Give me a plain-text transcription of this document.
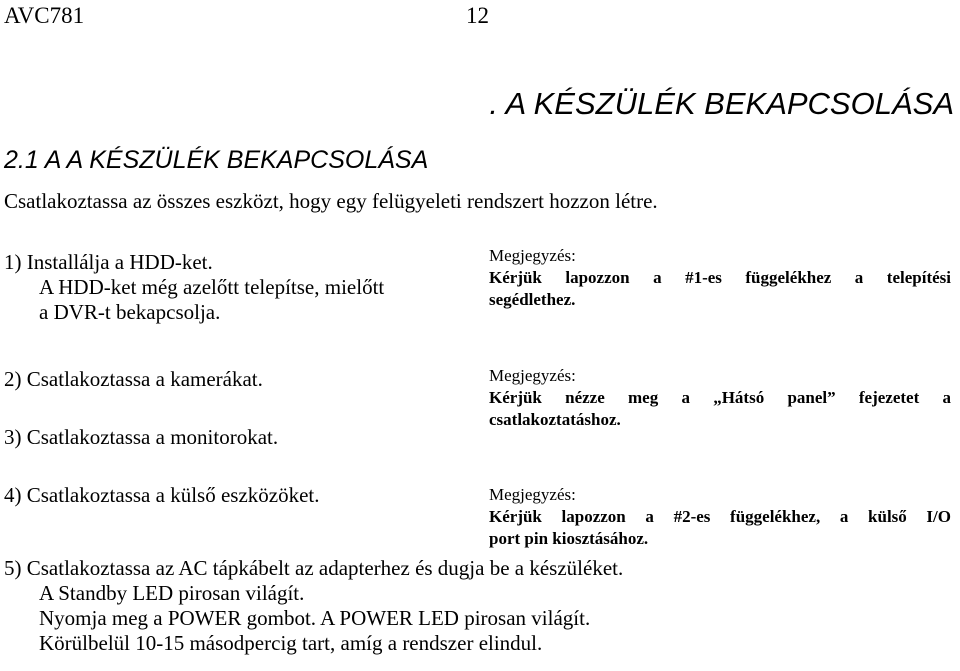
AVC781	12
. A KÉSZÜLÉK BEKAPCSOLÁSA
2.1 A A KÉSZÜLÉK BEKAPCSOLÁSA
Csatlakoztassa az összes eszközt, hogy egy felügyeleti rendszert hozzon létre.
1) Installálja a HDD-ket.
A HDD-ket még azelőtt telepítse, mielőtt
a DVR-t bekapcsolja.
2) Csatlakoztassa a kamerákat.
3) Csatlakoztassa a monitorokat.
4) Csatlakoztassa a külső eszközöket.
5) Csatlakoztassa az AC tápkábelt az adapterhez és dugja be a készüléket.
A Standby LED pirosan világít.
Nyomja meg a POWER gombot. A POWER LED pirosan világít.
Körülbelül 10-15 másodpercig tart, amíg a rendszer elindul.
Megjegyzés:
Kérjük lapozzon a #1-es függelékhez a telepítési
segédlethez.
Megjegyzés:
Kérjük nézze meg a „Hátsó panel” fejezetet a
csatlakoztatáshoz.
Megjegyzés:
Kérjük lapozzon a #2-es függelékhez, a külső I/O
port pin kiosztásához.
